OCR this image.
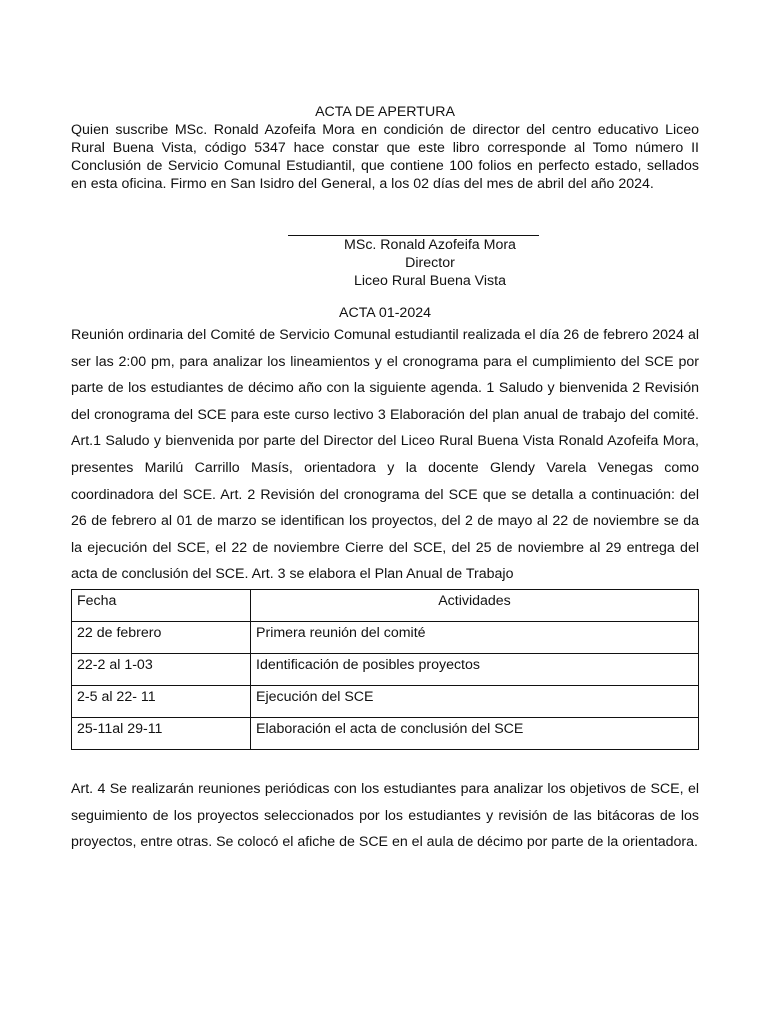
ACTA DE APERTURA

Quien suscribe MSc. Ronald Azofeifa Mora en condición de director del centro educativo Liceo Rural Buena Vista, código 5347 hace constar que este libro corresponde al Tomo número II Conclusión de Servicio Comunal Estudiantil, que contiene 100 folios en perfecto estado, sellados en esta oficina. Firmo en San Isidro del General, a los 02 días del mes de abril del año 2024.

MSc. Ronald Azofeifa Mora
Director
Liceo Rural Buena Vista

ACTA 01-2024

Reunión ordinaria del Comité de Servicio Comunal estudiantil realizada el día 26 de febrero 2024 al ser las 2:00 pm, para analizar los lineamientos y el cronograma para el cumplimiento del SCE por parte de los estudiantes de décimo año con la siguiente agenda. 1 Saludo y bienvenida 2 Revisión del cronograma del SCE para este curso lectivo 3 Elaboración del plan anual de trabajo del comité. Art.1 Saludo y bienvenida por parte del Director del Liceo Rural Buena Vista Ronald Azofeifa Mora, presentes Marilú Carrillo Masís, orientadora y la docente Glendy Varela Venegas como coordinadora del SCE. Art. 2 Revisión del cronograma del SCE que se detalla a continuación: del 26 de febrero al 01 de marzo se identifican los proyectos, del 2 de mayo al 22 de noviembre se da la ejecución del SCE, el 22 de noviembre Cierre del SCE, del 25 de noviembre al 29 entrega del acta de conclusión del SCE. Art. 3 se elabora el Plan Anual de Trabajo

Fecha	Actividades
22 de febrero	Primera reunión del comité
22-2 al 1-03	Identificación de posibles proyectos
2-5 al 22- 11	Ejecución del SCE
25-11al 29-11	Elaboración el acta de conclusión del SCE

Art. 4 Se realizarán reuniones periódicas con los estudiantes para analizar los objetivos de SCE, el seguimiento de los proyectos seleccionados por los estudiantes y revisión de las bitácoras de los proyectos, entre otras. Se colocó el afiche de SCE en el aula de décimo por parte de la orientadora.
